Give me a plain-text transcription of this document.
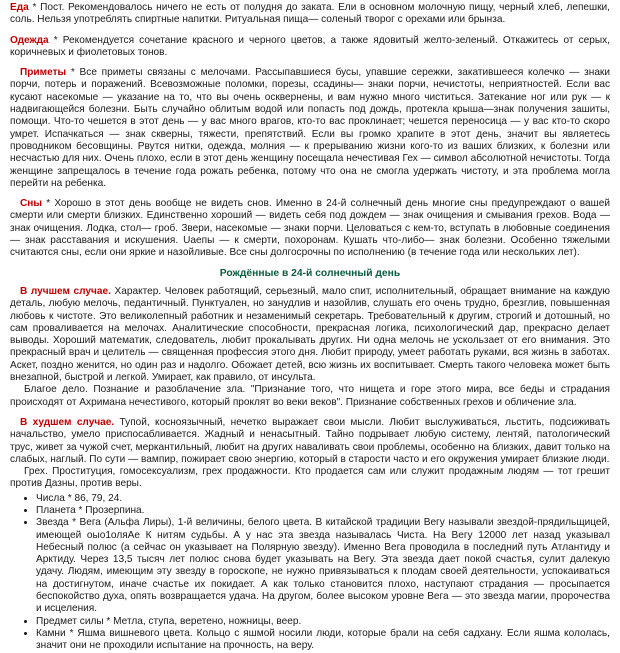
Еда * Пост. Рекомендовалось ничего не есть от полудня до заката. Ели в основном молочную пищу, черный хлеб, лепешки, соль. Нельзя употреблять спиртные напитки. Ритуальная пища— соленый творог с орехами или брынза.

Одежда * Рекомендуется сочетание красного и черного цветов, а также ядовитый желто-зеленый. Откажитесь от серых, коричневых и фиолетовых тонов.

Приметы * Все приметы связаны с мелочами. Рассыпавшиеся бусы, упавшие сережки, закатившееся колечко — знаки порчи, потерь и поражений. Всевозможные поломки, порезы, ссадины— знаки порчи, нечистоты, неприятностей. Если вас кусают насекомые — указание на то, что вы очень осквернены, и вам нужно много чиститься. Затекание ног или рук — к надвигающейся болезни. Быть случайно облитым водой или попасть под дождь, протекла крыша—знак получения зашиты, помощи. Что-то чешется в этот день — у вас много врагов, кто-то вас проклинает; чешется переносица — у вас кто-то скоро умрет. Испачкаться — знак скверны, тяжести, препятствий. Если вы громко храпите в этот день, значит вы являетесь проводником бесовщины. Рвутся нитки, одежда, молния — к прерыванию жизни кого-то из ваших близких, к болезни или несчастью для них. Очень плохо, если в этот день женщину посещала нечестивая Гех — символ абсолютной нечистоты. Тогда женщине запрещалось в течение года рожать ребенка, потому что она не смогла удержать чистоту, и эта проблема могла перейти на ребенка.

Сны * Хорошо в этот день вообще не видеть снов. Именно в 24-й солнечный день многие сны предупреждают о вашей смерти или смерти близких. Единственно хороший — видеть себя под дождем — знак очищения и смывания грехов. Вода — знак очищения. Лодка, стол— гроб. Звери, насекомые — знаки порчи. Целоваться с кем-то, вступать в любовные соединения — знак расставания и искушения. Uаепы — к смерти, похоронам. Кушать что-либо— знак болезни. Особенно тяжелыми считаются сны, если они яркие и назойливые. Все сны долгосрочны по исполнению (в течение года или нескольких лет).

Рождённые в 24-й солнечный день

В лучшем случае. Характер. Человек работящий, серьезный, мало спит, исполнительный, обращает внимание на каждую деталь, любую мелочь, педантичный. Пунктуален, но занудлив и назойлив, слушать его очень трудно, брезглив, повышенная любовь к чистоте. Это великолепный работник и незаменимый секретарь. Требовательный к другим, строгий и дотошный, но сам проваливается на мелочах. Аналитические способности, прекрасная логика, психологический дар, прекрасно делает выводы. Хороший математик, следователь, любит прокалывать других. Ни одна мелочь не ускользает от его внимания. Это прекрасный врач и целитель — священная профессия этого дня. Любит природу, умеет работать руками, вся жизнь в заботах. Аскет, поздно женится, но один раз и надолго. Обожает детей, всю жизнь их воспитывает. Смерть такого человека может быть внезапной, быстрой и легкой. Умирает, как правило, от инсульта.

Благое дело. Познание и разоблачение зла. "Признание того, что нищета и горе этого мира, все беды и страдания происходят от Ахримана нечестивого, который проклят во веки веков". Признание собственных грехов и обличение зла.

В худшем случае. Тупой, косноязычный, нечетко выражает свои мысли. Любит выслуживаться, льстить, подсиживать начальство, умело приспосабливается. Жадный и ненасытный. Тайно подрывает любую систему, лентяй, патологический трус, живет за чужой счет, меркантильный, любит на других наваливать свои проблемы, особенно на близких, давит только на слабых, наглый. По сути — вампир, пожирает свою энергию, который в старости часто и его окружения умирает близкие люди.

Грех. Проституция, гомосексуализм, грех продажности. Кто продается сам или служит продажным людям — тот грешит против Дазны, против веры.

• Числа * 86, 79, 24.
• Планета * Прозерпина.
• Звезда * Вега (Альфа Лиры), 1-й величины, белого цвета. В китайской традиции Вегу называли звездой-прядильщицей, имеющей оыо1оляАе К нитям судьбы. А у нас эта звезда называлась Чиста. На Вегу 12000 лет назад указывал Небесный полюс (а сейчас он указывает на Полярную звезду). Именно Вега проводила в последний путь Атлантиду и Арктиду. Через 13,5 тысяч лет полюс снова будет указывать на Вегу. Эта звезда дает покой счастья, сулит далекую удачу. Людям, имеющим эту звезду в гороскопе, не нужно привязываться к плодам своей деятельности, успокаиваться на достигнутом, иначе счастье их покидает. А как только становится плохо, наступают страдания — просыпается беспокойство духа, опять возвращается удача. На другом, более высоком уровне Вега — это звезда магии, пророчества и исцеления.
• Предмет силы * Метла, ступа, веретено, ножницы, веер.
• Камни * Яшма вишневого цвета. Кольцо с яшмой носили люди, которые брали на себя садханy. Если яшма кололась, значит они не проходили испытание на прочность, на веру.
